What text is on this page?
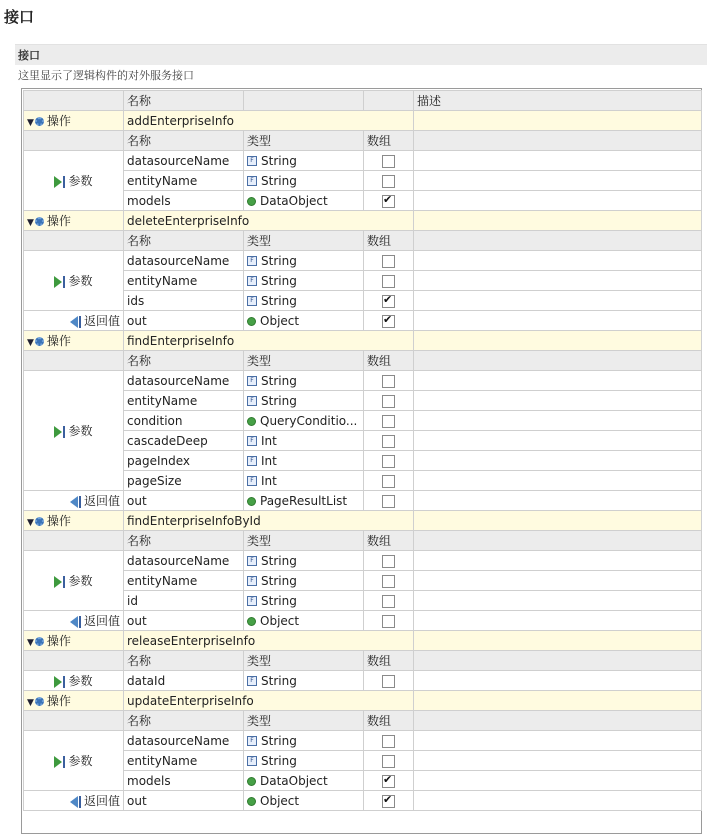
接口
接口
这里显示了逻辑构件的对外服务接口
	名称			描述
▼ 操作	addEnterpriseInfo			
	名称	类型	数组	
参数	datasourceName	F String		
	entityName	F String		
	models	DataObject	✔	
▼ 操作	deleteEnterpriseInfo			
	名称	类型	数组	
参数	datasourceName	F String		
	entityName	F String		
	ids	F String	✔	
返回值	out	Object	✔	
▼ 操作	findEnterpriseInfo			
	名称	类型	数组	
参数	datasourceName	F String		
	entityName	F String		
	condition	QueryConditio...		
	cascadeDeep	F Int		
	pageIndex	F Int		
	pageSize	F Int		
返回值	out	PageResultList		
▼ 操作	findEnterpriseInfoById			
	名称	类型	数组	
参数	datasourceName	F String		
	entityName	F String		
	id	F String		
返回值	out	Object		
▼ 操作	releaseEnterpriseInfo			
	名称	类型	数组	
参数	dataId	F String		
▼ 操作	updateEnterpriseInfo			
	名称	类型	数组	
参数	datasourceName	F String		
	entityName	F String		
	models	DataObject	✔	
返回值	out	Object	✔	
